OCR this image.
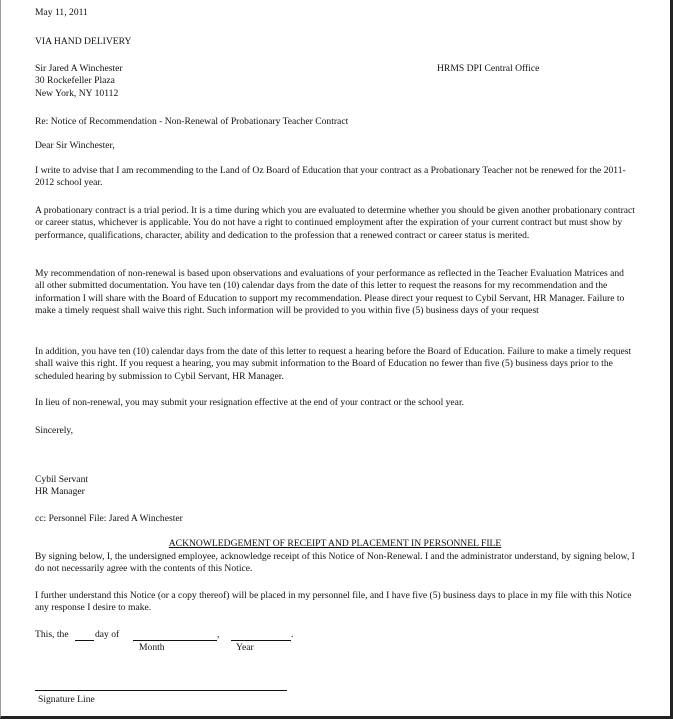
May 11, 2011
VIA HAND DELIVERY
Sir Jared A Winchester
30 Rockefeller Plaza
New York, NY 10112
HRMS DPI Central Office
Re: Notice of Recommendation - Non-Renewal of Probationary Teacher Contract
Dear Sir Winchester,

I write to advise that I am recommending to the Land of Oz Board of Education that your contract as a Probationary Teacher not be renewed for the 2011-2012 school year.

A probationary contract is a trial period. It is a time during which you are evaluated to determine whether you should be given another probationary contract or career status, whichever is applicable. You do not have a right to continued employment after the expiration of your current contract but must show by performance, qualifications, character, ability and dedication to the profession that a renewed contract or career status is merited.

My recommendation of non-renewal is based upon observations and evaluations of your performance as reflected in the Teacher Evaluation Matrices and all other submitted documentation. You have ten (10) calendar days from the date of this letter to request the reasons for my recommendation and the information I will share with the Board of Education to support my recommendation. Please direct your request to Cybil Servant, HR Manager. Failure to make a timely request shall waive this right. Such information will be provided to you within five (5) business days of your request

In addition, you have ten (10) calendar days from the date of this letter to request a hearing before the Board of Education. Failure to make a timely request shall waive this right. If you request a hearing, you may submit information to the Board of Education no fewer than five (5) business days prior to the scheduled hearing by submission to Cybil Servant, HR Manager.

In lieu of non-renewal, you may submit your resignation effective at the end of your contract or the school year.

Sincerely,
Cybil Servant
HR Manager
cc: Personnel File: Jared A Winchester
ACKNOWLEDGEMENT OF RECEIPT AND PLACEMENT IN PERSONNEL FILE

By signing below, I, the undersigned employee, acknowledge receipt of this Notice of Non-Renewal. I and the administrator understand, by signing below, I do not necessarily agree with the contents of this Notice.

I further understand this Notice (or a copy thereof) will be placed in my personnel file, and I have five (5) business days to place in my file with this Notice any response I desire to make.

This, the	day of	,	.
Month	Year
Signature Line
